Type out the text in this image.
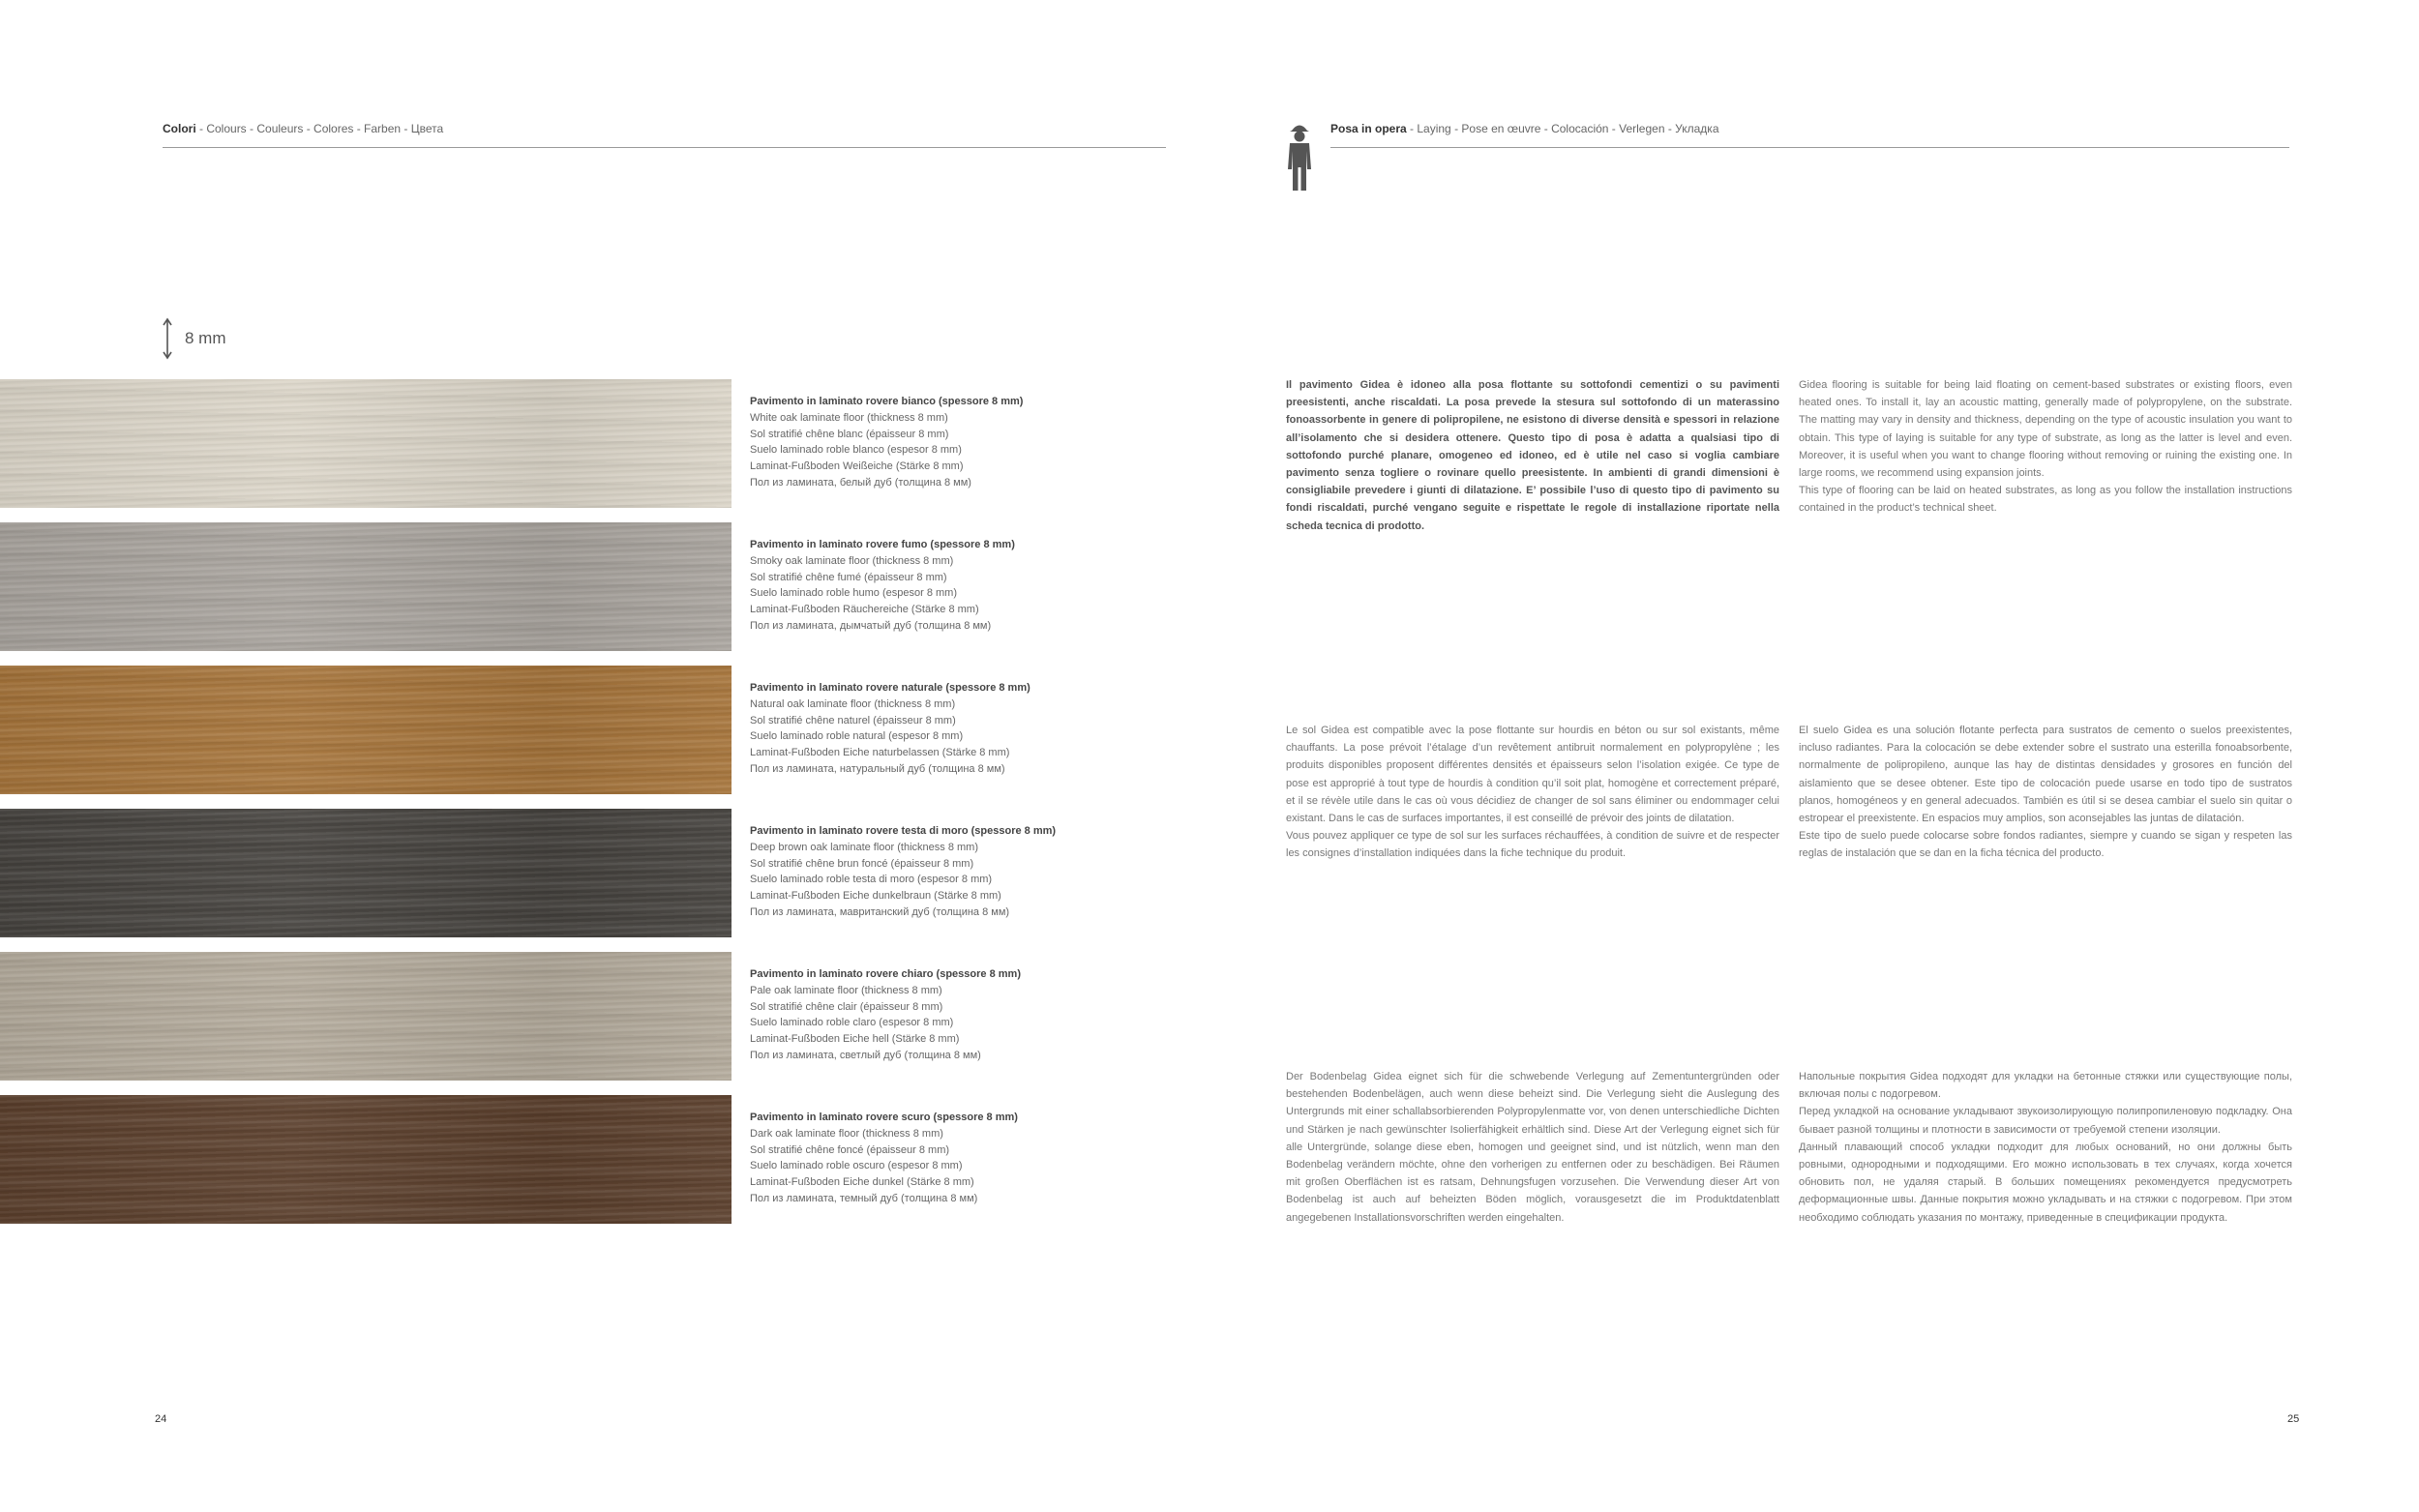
Colori - Colours - Couleurs - Colores - Farben - Цвета
8 mm
Pavimento in laminato rovere bianco (spessore 8 mm)
White oak laminate floor (thickness 8 mm)
Sol stratifié chêne blanc (épaisseur 8 mm)
Suelo laminado roble blanco (espesor 8 mm)
Laminat-Fußboden Weißeiche (Stärke 8 mm)
Пол из ламината, белый дуб (толщина 8 мм)
Pavimento in laminato rovere fumo (spessore 8 mm)
Smoky oak laminate floor (thickness 8 mm)
Sol stratifié chêne fumé (épaisseur 8 mm)
Suelo laminado roble humo (espesor 8 mm)
Laminat-Fußboden Räuchereiche (Stärke 8 mm)
Пол из ламината, дымчатый дуб (толщина 8 мм)
Pavimento in laminato rovere naturale (spessore 8 mm)
Natural oak laminate floor (thickness 8 mm)
Sol stratifié chêne naturel (épaisseur 8 mm)
Suelo laminado roble natural (espesor 8 mm)
Laminat-Fußboden Eiche naturbelassen (Stärke 8 mm)
Пол из ламината, натуральный дуб (толщина 8 мм)
Pavimento in laminato rovere testa di moro (spessore 8 mm)
Deep brown oak laminate floor (thickness 8 mm)
Sol stratifié chêne brun foncé (épaisseur 8 mm)
Suelo laminado roble testa di moro (espesor 8 mm)
Laminat-Fußboden Eiche dunkelbraun (Stärke 8 mm)
Пол из ламината, мавританский дуб (толщина 8 мм)
Pavimento in laminato rovere chiaro (spessore 8 mm)
Pale oak laminate floor (thickness 8 mm)
Sol stratifié chêne clair (épaisseur 8 mm)
Suelo laminado roble claro (espesor 8 mm)
Laminat-Fußboden Eiche hell (Stärke 8 mm)
Пол из ламината, светлый дуб (толщина 8 мм)
Pavimento in laminato rovere scuro (spessore 8 mm)
Dark oak laminate floor (thickness 8 mm)
Sol stratifié chêne foncé (épaisseur 8 mm)
Suelo laminado roble oscuro (espesor 8 mm)
Laminat-Fußboden Eiche dunkel (Stärke 8 mm)
Пол из ламината, темный дуб (толщина 8 мм)
24
Posa in opera - Laying - Pose en œuvre - Colocación - Verlegen - Укладка

Il pavimento Gidea è idoneo alla posa flottante su sottofondi cementizi o su pavimenti preesistenti, anche riscaldati. La posa prevede la stesura sul sottofondo di un materassino fonoassorbente in genere di polipropilene, ne esistono di diverse densità e spessori in relazione all’isolamento che si desidera ottenere. Questo tipo di posa è adatta a qualsiasi tipo di sottofondo purché planare, omogeneo ed idoneo, ed è utile nel caso si voglia cambiare pavimento senza togliere o rovinare quello preesistente. In ambienti di grandi dimensioni è consigliabile prevedere i giunti di dilatazione. E’ possibile l’uso di questo tipo di pavimento su fondi riscaldati, purché vengano seguite e rispettate le regole di installazione riportate nella scheda tecnica di prodotto.

Gidea flooring is suitable for being laid floating on cement-based substrates or existing floors, even heated ones. To install it, lay an acoustic matting, generally made of polypropylene, on the substrate. The matting may vary in density and thickness, depending on the type of acoustic insulation you want to obtain. This type of laying is suitable for any type of substrate, as long as the latter is level and even. Moreover, it is useful when you want to change flooring without removing or ruining the existing one. In large rooms, we recommend using expansion joints.

This type of flooring can be laid on heated substrates, as long as you follow the installation instructions contained in the product’s technical sheet.

Le sol Gidea est compatible avec la pose flottante sur hourdis en béton ou sur sol existants, même chauffants. La pose prévoit l’étalage d’un revêtement antibruit normalement en polypropylène ; les produits disponibles proposent différentes densités et épaisseurs selon l’isolation exigée. Ce type de pose est approprié à tout type de hourdis à condition qu’il soit plat, homogène et correctement préparé, et il se révèle utile dans le cas où vous décidiez de changer de sol sans éliminer ou endommager celui existant. Dans le cas de surfaces importantes, il est conseillé de prévoir des joints de dilatation.

Vous pouvez appliquer ce type de sol sur les surfaces réchauffées, à condition de suivre et de respecter les consignes d’installation indiquées dans la fiche technique du produit.

El suelo Gidea es una solución flotante perfecta para sustratos de cemento o suelos preexistentes, incluso radiantes. Para la colocación se debe extender sobre el sustrato una esterilla fonoabsorbente, normalmente de polipropileno, aunque las hay de distintas densidades y grosores en función del aislamiento que se desee obtener. Este tipo de colocación puede usarse en todo tipo de sustratos planos, homogéneos y en general adecuados. También es útil si se desea cambiar el suelo sin quitar o estropear el preexistente. En espacios muy amplios, son aconsejables las juntas de dilatación.

Este tipo de suelo puede colocarse sobre fondos radiantes, siempre y cuando se sigan y respeten las reglas de instalación que se dan en la ficha técnica del producto.

Der Bodenbelag Gidea eignet sich für die schwebende Verlegung auf Zementuntergründen oder bestehenden Bodenbelägen, auch wenn diese beheizt sind. Die Verlegung sieht die Auslegung des Untergrunds mit einer schallabsorbierenden Polypropylenmatte vor, von denen unterschiedliche Dichten und Stärken je nach gewünschter Isolierfähigkeit erhältlich sind. Diese Art der Verlegung eignet sich für alle Untergründe, solange diese eben, homogen und geeignet sind, und ist nützlich, wenn man den Bodenbelag verändern möchte, ohne den vorherigen zu entfernen oder zu beschädigen. Bei Räumen mit großen Oberflächen ist es ratsam, Dehnungsfugen vorzusehen. Die Verwendung dieser Art von Bodenbelag ist auch auf beheizten Böden möglich, vorausgesetzt die im Produktdatenblatt angegebenen Installationsvorschriften werden eingehalten.

Напольные покрытия Gidea подходят для укладки на бетонные стяжки или существующие полы, включая полы с подогревом.

Перед укладкой на основание укладывают звукоизолирующую полипропиленовую подкладку. Она бывает разной толщины и плотности в зависимости от требуемой степени изоляции.

Данный плавающий способ укладки подходит для любых оснований, но они должны быть ровными, однородными и подходящими. Его можно использовать в тех случаях, когда хочется обновить пол, не удаляя старый. В больших помещениях рекомендуется предусмотреть деформационные швы. Данные покрытия можно укладывать и на стяжки с подогревом. При этом необходимо соблюдать указания по монтажу, приведенные в спецификации продукта.

25
